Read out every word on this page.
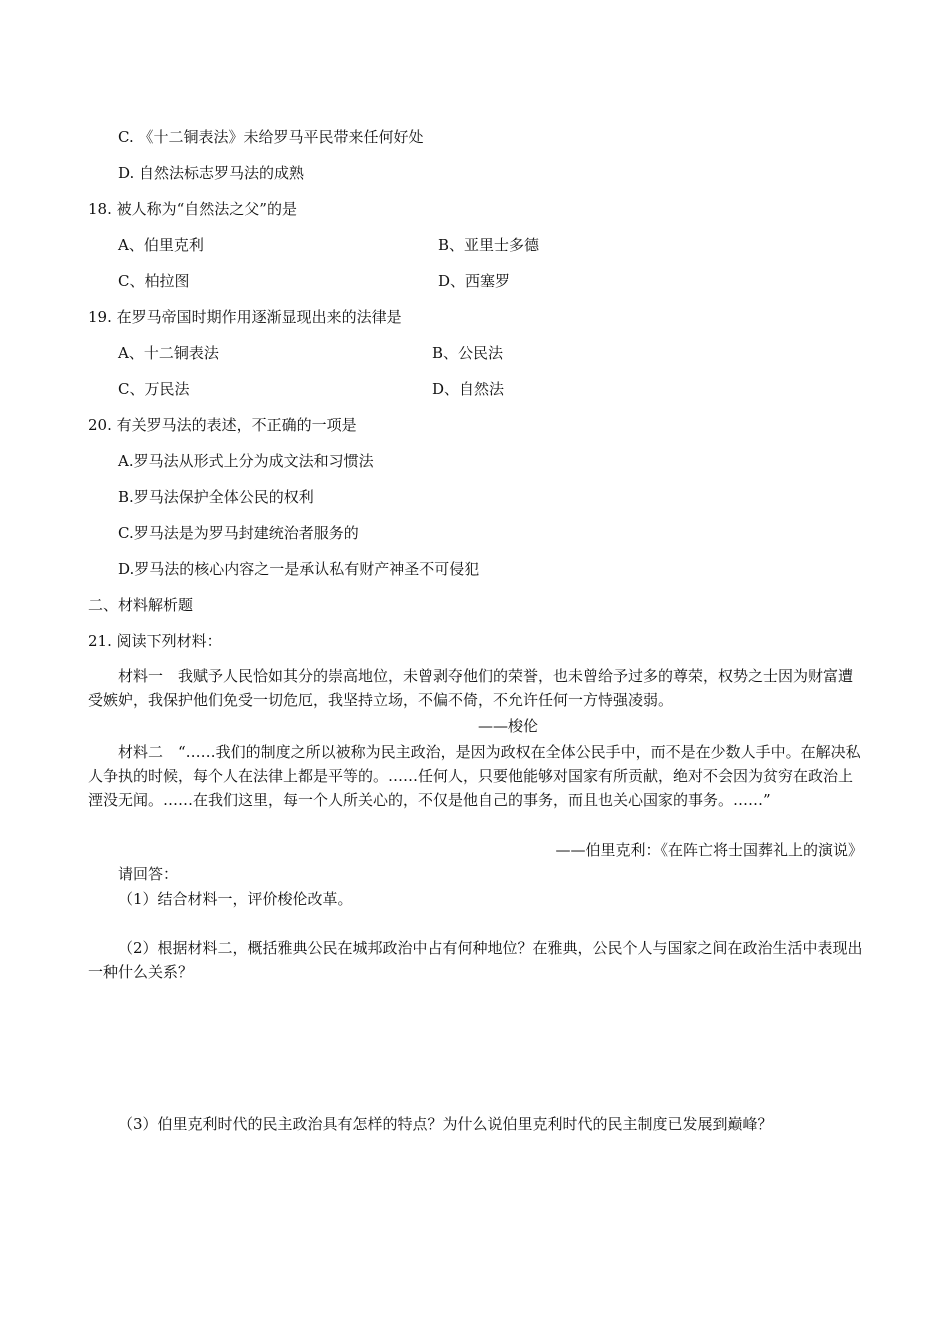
C. 《十二铜表法》未给罗马平民带来任何好处
D. 自然法标志罗马法的成熟
18. 被人称为“自然法之父”的是
A、伯里克利	B、亚里士多德
C、柏拉图	D、西塞罗
19. 在罗马帝国时期作用逐渐显现出来的法律是
A、十二铜表法	B、公民法
C、万民法	D、自然法
20. 有关罗马法的表述，不正确的一项是
A.罗马法从形式上分为成文法和习惯法
B.罗马法保护全体公民的权利
C.罗马法是为罗马封建统治者服务的
D.罗马法的核心内容之一是承认私有财产神圣不可侵犯
二、材料解析题
21. 阅读下列材料：
材料一　我赋予人民恰如其分的崇高地位，未曾剥夺他们的荣誉，也未曾给予过多的尊荣，权势之士因为财富遭受嫉妒，我保护他们免受一切危厄，我坚持立场，不偏不倚，不允许任何一方恃强凌弱。
——梭伦
材料二　“……我们的制度之所以被称为民主政治，是因为政权在全体公民手中，而不是在少数人手中。在解决私人争执的时候，每个人在法律上都是平等的。……任何人，只要他能够对国家有所贡献，绝对不会因为贫穷在政治上湮没无闻。……在我们这里，每一个人所关心的，不仅是他自己的事务，而且也关心国家的事务。……”
——伯里克利：《在阵亡将士国葬礼上的演说》
请回答：
（1）结合材料一，评价梭伦改革。
（2）根据材料二，概括雅典公民在城邦政治中占有何种地位？在雅典，公民个人与国家之间在政治生活中表现出一种什么关系？
（3）伯里克利时代的民主政治具有怎样的特点？为什么说伯里克利时代的民主制度已发展到巅峰？
